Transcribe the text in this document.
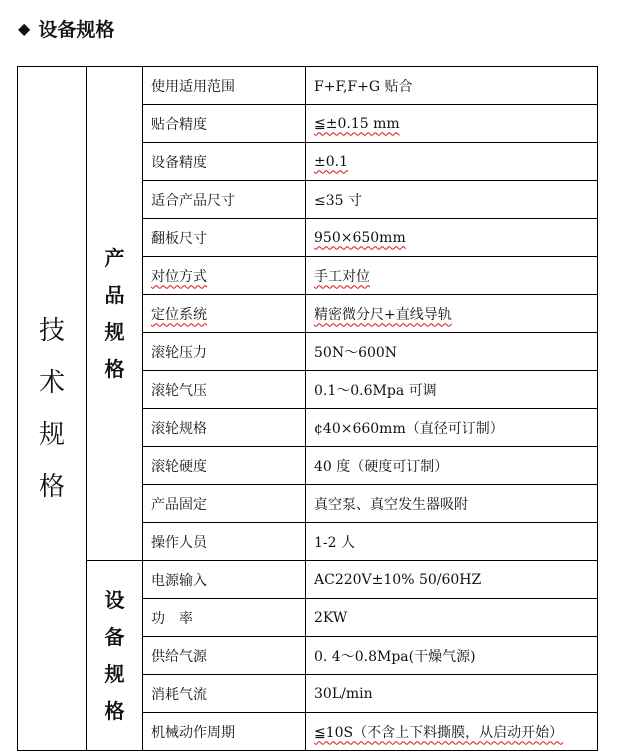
◆ 设备规格
技术规格	产品规格	使用适用范围	F+F,F+G 贴合
		贴合精度	≦±0.15 mm
		设备精度	±0.1
		适合产品尺寸	≤35 寸
		翻板尺寸	950×650mm
		对位方式	手工对位
		定位系统	精密微分尺+直线导轨
		滚轮压力	50N～600N
		滚轮气压	0.1～0.6Mpa 可调
		滚轮规格	¢40×660mm（直径可订制）
		滚轮硬度	40 度（硬度可订制）
		产品固定	真空泵、真空发生器吸附
		操作人员	1-2 人
	设备规格	电源输入	AC220V±10% 50/60HZ
		功　率	2KW
		供给气源	0. 4～0.8Mpa(干燥气源)
		消耗气流	30L/min
		机械动作周期	≦10S（不含上下料撕膜，从启动开始）
